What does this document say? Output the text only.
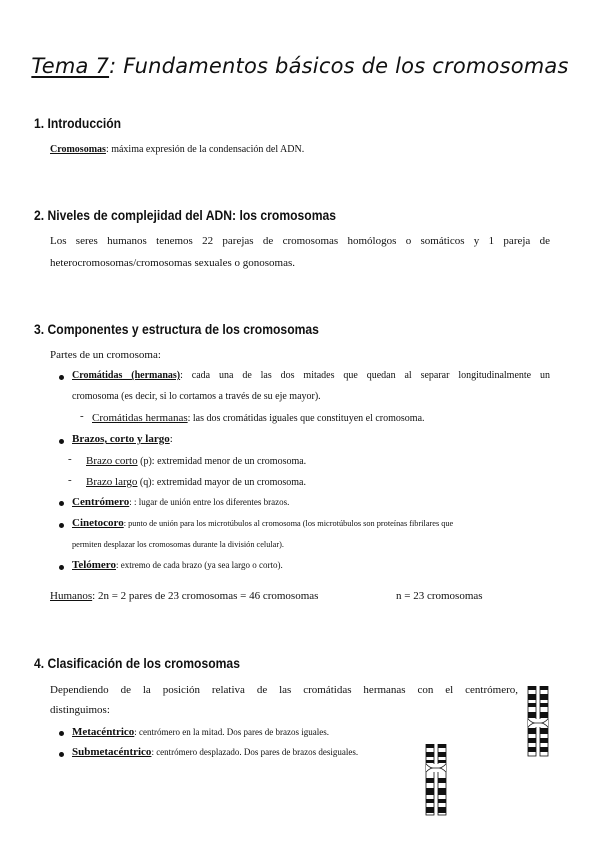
Tema 7: Fundamentos básicos de los cromosomas
1. Introducción
Cromosomas: máxima expresión de la condensación del ADN.
2. Niveles de complejidad del ADN: los cromosomas
Los seres humanos tenemos 22 parejas de cromosomas homólogos o somáticos y 1 pareja de
heterocromosomas/cromosomas sexuales o gonosomas.
3. Componentes y estructura de los cromosomas
Partes de un cromosoma:
Cromátidas (hermanas): cada una de las dos mitades que quedan al separar longitudinalmente un
cromosoma (es decir, si lo cortamos a través de su eje mayor).
- Cromátidas hermanas: las dos cromátidas iguales que constituyen el cromosoma.
Brazos, corto y largo:
- Brazo corto (p): extremidad menor de un cromosoma.
- Brazo largo (q): extremidad mayor de un cromosoma.
Centrómero: : lugar de unión entre los diferentes brazos.
Cinetocoro: punto de unión para los microtúbulos al cromosoma (los microtúbulos son proteínas fibrilares que
permiten desplazar los cromosomas durante la división celular).
Telómero: extremo de cada brazo (ya sea largo o corto).
Humanos: 2n = 2 pares de 23 cromosomas = 46 cromosomas	n = 23 cromosomas
4. Clasificación de los cromosomas
Dependiendo de la posición relativa de las cromátidas hermanas con el centrómero,
distinguimos:
Metacéntrico: centrómero en la mitad. Dos pares de brazos iguales.
Submetacéntrico: centrómero desplazado. Dos pares de brazos desiguales.
